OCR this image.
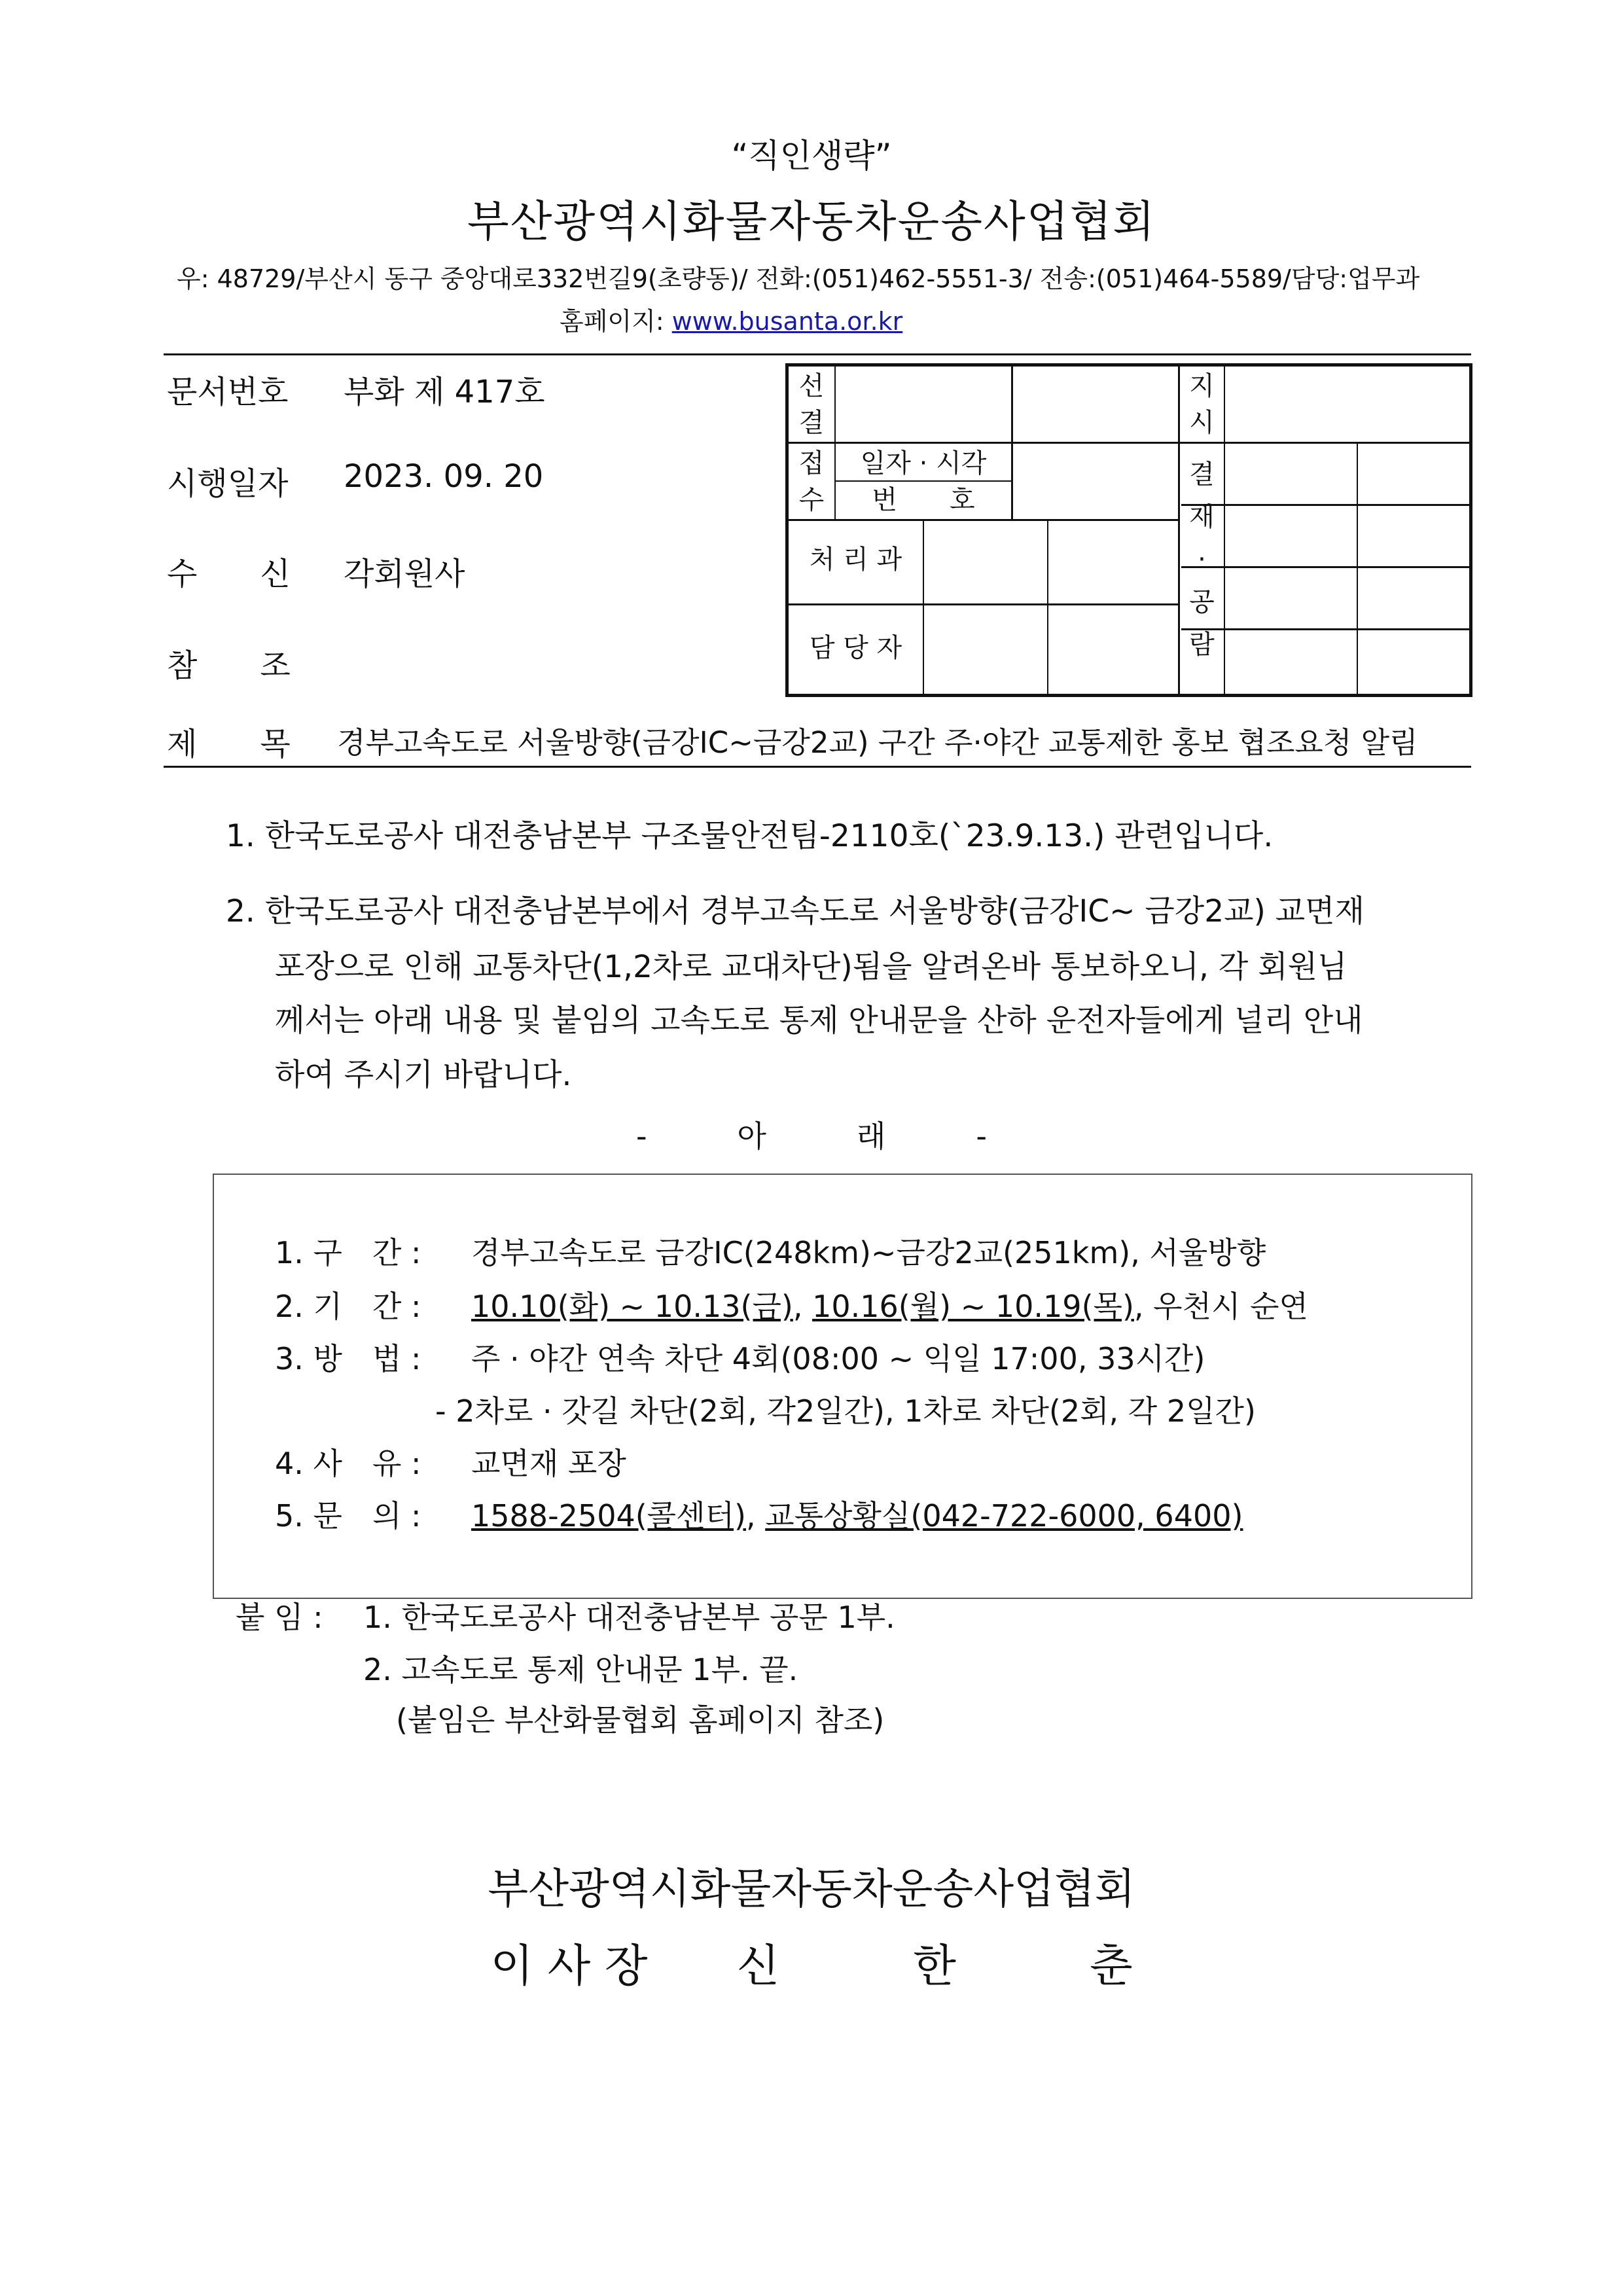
“직인생략”
부산광역시화물자동차운송사업협회
우: 48729/부산시 동구 중앙대로332번길9(초량동)/ 전화:(051)462-5551-3/ 전송:(051)464-5589/담당:업무과
홈페이지: www.busanta.or.kr
문서번호 부화 제 417호
시행일자 2023. 09. 20
수　　신 각회원사
참　　조
선
결
지
시
접
수
일자 · 시각
번　　호
처 리 과
담 당 자
결
재
·
공
람
제　　목 경부고속도로 서울방향(금강IC~금강2교) 구간 주·야간 교통제한 홍보 협조요청 알림
1. 한국도로공사 대전충남본부 구조물안전팀-2110호(`23.9.13.) 관련입니다.
2. 한국도로공사 대전충남본부에서 경부고속도로 서울방향(금강IC~ 금강2교) 교면재
포장으로 인해 교통차단(1,2차로 교대차단)됨을 알려온바 통보하오니, 각 회원님
께서는 아래 내용 및 붙임의 고속도로 통제 안내문을 산하 운전자들에게 널리 안내
하여 주시기 바랍니다.
-　　　아　　　래　　　-
1. 구　간 : 경부고속도로 금강IC(248km)~금강2교(251km), 서울방향
2. 기　간 : 10.10(화) ~ 10.13(금), 10.16(월) ~ 10.19(목), 우천시 순연
3. 방　법 : 주 · 야간 연속 차단 4회(08:00 ~ 익일 17:00, 33시간)
- 2차로 · 갓길 차단(2회, 각2일간), 1차로 차단(2회, 각 2일간)
4. 사　유 : 교면재 포장
5. 문　의 : 1588-2504(콜센터), 교통상황실(042-722-6000, 6400)
붙 임 : 1. 한국도로공사 대전충남본부 공문 1부.
2. 고속도로 통제 안내문 1부. 끝.
(붙임은 부산화물협회 홈페이지 참조)
부산광역시화물자동차운송사업협회
이 사 장　　신　　　한　　　춘
